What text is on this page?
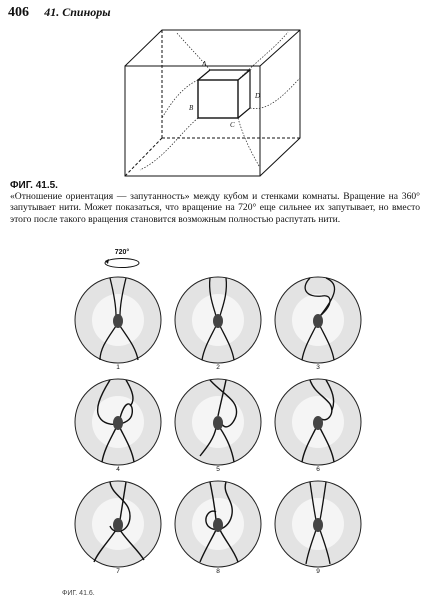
406 41. Спиноры
A
B
C
D
ФИГ. 41.5.
«Отношение ориентация — запутанность» между кубом и стенками комнаты. Вращение на 360° запутывает нити. Может показаться, что вращение на 720° еще сильнее их запутывает, но вместо этого после такого вращения становится возможным полностью распутать нити.
720°
1	2	3
4	5	6
7	8	9
ФИГ. 41.6.
